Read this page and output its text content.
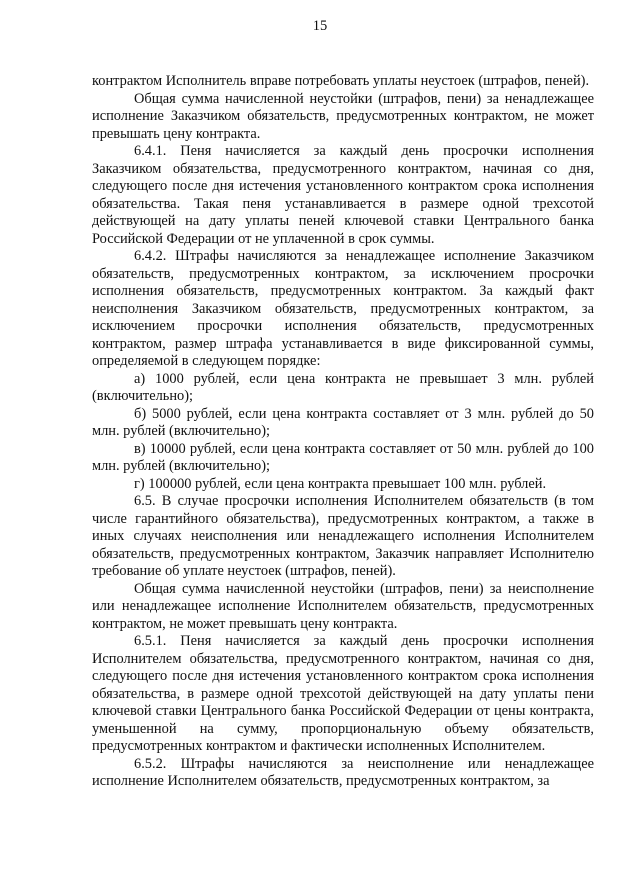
15

контрактом Исполнитель вправе потребовать уплаты неустоек (штрафов, пеней).

Общая сумма начисленной неустойки (штрафов, пени) за ненадлежащее исполнение Заказчиком обязательств, предусмотренных контрактом, не может превышать цену контракта.

6.4.1. Пеня начисляется за каждый день просрочки исполнения Заказчиком обязательства, предусмотренного контрактом, начиная со дня, следующего после дня истечения установленного контрактом срока исполнения обязательства. Такая пеня устанавливается в размере одной трехсотой действующей на дату уплаты пеней ключевой ставки Центрального банка Российской Федерации от не уплаченной в срок суммы.

6.4.2. Штрафы начисляются за ненадлежащее исполнение Заказчиком обязательств, предусмотренных контрактом, за исключением просрочки исполнения обязательств, предусмотренных контрактом. За каждый факт неисполнения Заказчиком обязательств, предусмотренных контрактом, за исключением просрочки исполнения обязательств, предусмотренных контрактом, размер штрафа устанавливается в виде фиксированной суммы, определяемой в следующем порядке:

а) 1000 рублей, если цена контракта не превышает 3 млн. рублей (включительно);

б) 5000 рублей, если цена контракта составляет от 3 млн. рублей до 50 млн. рублей (включительно);

в) 10000 рублей, если цена контракта составляет от 50 млн. рублей до 100 млн. рублей (включительно);

г) 100000 рублей, если цена контракта превышает 100 млн. рублей.

6.5. В случае просрочки исполнения Исполнителем обязательств (в том числе гарантийного обязательства), предусмотренных контрактом, а также в иных случаях неисполнения или ненадлежащего исполнения Исполнителем обязательств, предусмотренных контрактом, Заказчик направляет Исполнителю требование об уплате неустоек (штрафов, пеней).

Общая сумма начисленной неустойки (штрафов, пени) за неисполнение или ненадлежащее исполнение Исполнителем обязательств, предусмотренных контрактом, не может превышать цену контракта.

6.5.1. Пеня начисляется за каждый день просрочки исполнения Исполнителем обязательства, предусмотренного контрактом, начиная со дня, следующего после дня истечения установленного контрактом срока исполнения обязательства, в размере одной трехсотой действующей на дату уплаты пени ключевой ставки Центрального банка Российской Федерации от цены контракта, уменьшенной на сумму, пропорциональную объему обязательств, предусмотренных контрактом и фактически исполненных Исполнителем.

6.5.2. Штрафы начисляются за неисполнение или ненадлежащее исполнение Исполнителем обязательств, предусмотренных контрактом, за
